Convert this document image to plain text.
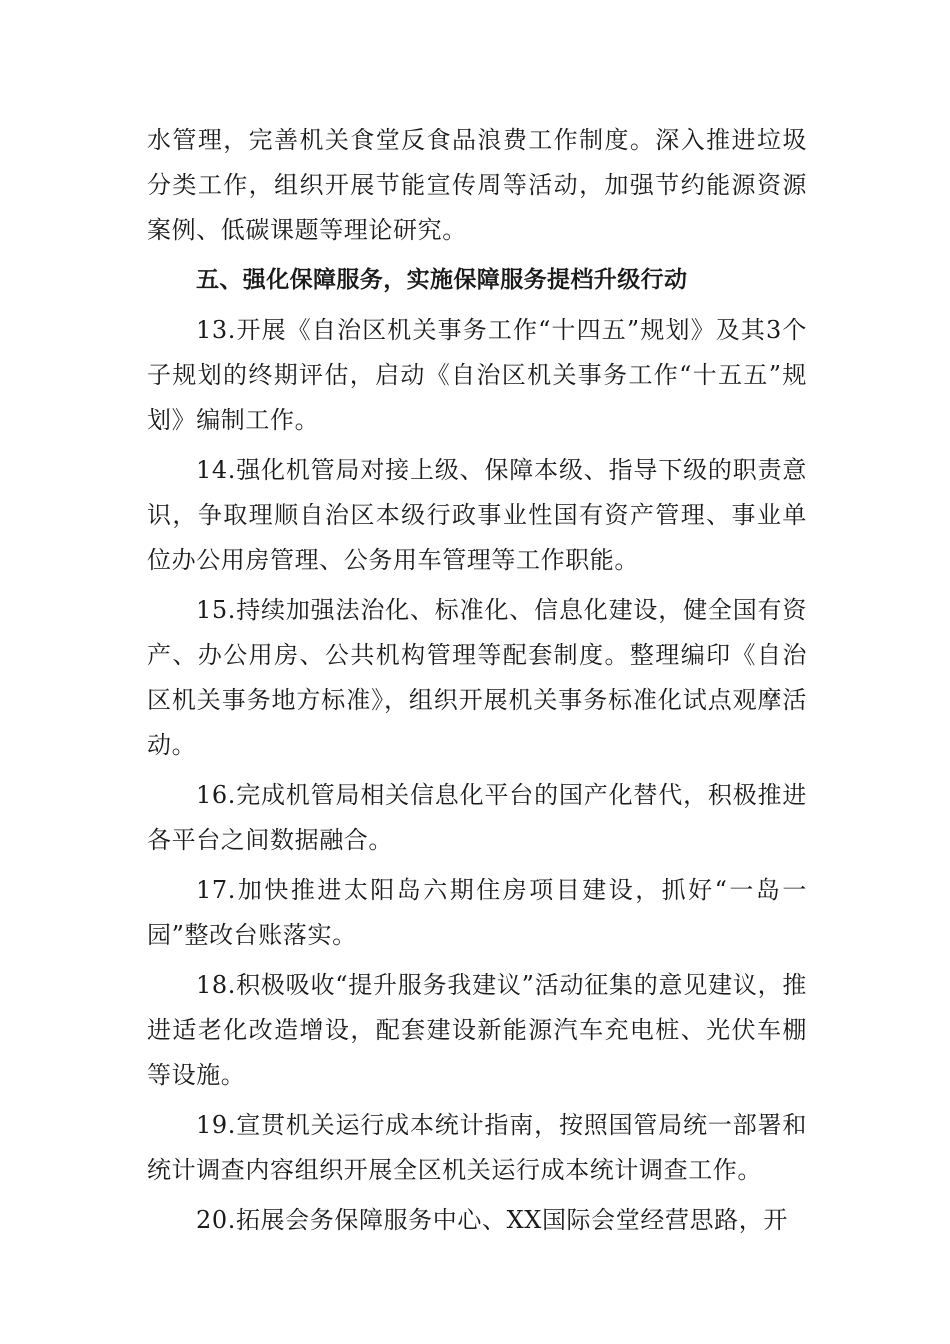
水管理，完善机关食堂反食品浪费工作制度。深入推进垃圾分类工作，组织开展节能宣传周等活动，加强节约能源资源案例、低碳课题等理论研究。

五、强化保障服务，实施保障服务提档升级行动

13.开展《自治区机关事务工作“十四五”规划》及其3个子规划的终期评估，启动《自治区机关事务工作“十五五”规划》编制工作。

14.强化机管局对接上级、保障本级、指导下级的职责意识，争取理顺自治区本级行政事业性国有资产管理、事业单位办公用房管理、公务用车管理等工作职能。

15.持续加强法治化、标准化、信息化建设，健全国有资产、办公用房、公共机构管理等配套制度。整理编印《自治区机关事务地方标准》，组织开展机关事务标准化试点观摩活动。

16.完成机管局相关信息化平台的国产化替代，积极推进各平台之间数据融合。

17.加快推进太阳岛六期住房项目建设，抓好“一岛一园”整改台账落实。

18.积极吸收“提升服务我建议”活动征集的意见建议，推进适老化改造增设，配套建设新能源汽车充电桩、光伏车棚等设施。

19.宣贯机关运行成本统计指南，按照国管局统一部署和统计调查内容组织开展全区机关运行成本统计调查工作。

20.拓展会务保障服务中心、XX国际会堂经营思路，开
